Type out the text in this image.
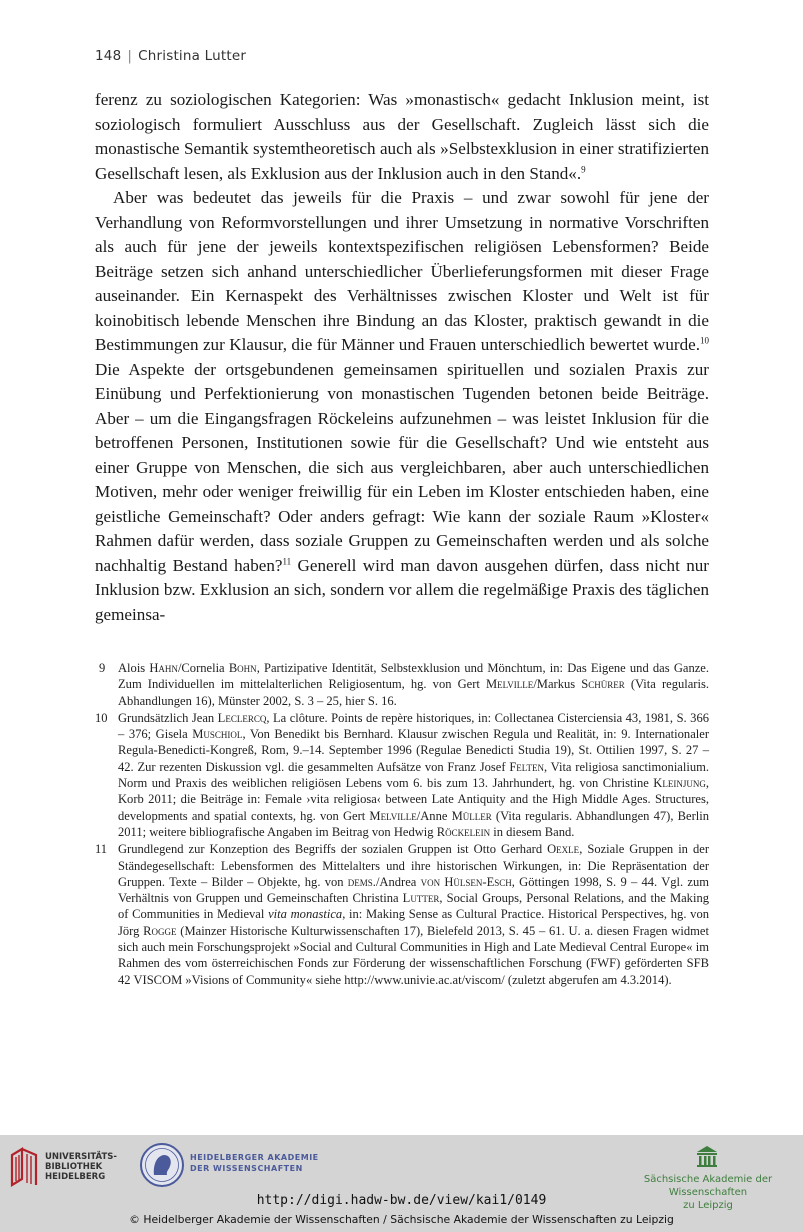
148 | Christina Lutter

ferenz zu soziologischen Kategorien: Was »monastisch« gedacht Inklusion meint, ist soziologisch formuliert Ausschluss aus der Gesellschaft. Zugleich lässt sich die monastische Semantik systemtheoretisch auch als »Selbstexklusion in einer stratifizierten Gesellschaft lesen, als Exklusion aus der Inklusion auch in den Stand«.$^9$

Aber was bedeutet das jeweils für die Praxis – und zwar sowohl für jene der Verhandlung von Reformvorstellungen und ihrer Umsetzung in normative Vorschriften als auch für jene der jeweils kontextspezifischen religiösen Lebensformen? Beide Beiträge setzen sich anhand unterschiedlicher Überlieferungsformen mit dieser Frage auseinander. Ein Kernaspekt des Verhältnisses zwischen Kloster und Welt ist für koinobitisch lebende Menschen ihre Bindung an das Kloster, praktisch gewandt in die Bestimmungen zur Klausur, die für Männer und Frauen unterschiedlich bewertet wurde.$^{10}$ Die Aspekte der ortsgebundenen gemeinsamen spirituellen und sozialen Praxis zur Einübung und Perfektionierung von monastischen Tugenden betonen beide Beiträge. Aber – um die Eingangsfragen Röckeleins aufzunehmen – was leistet Inklusion für die betroffenen Personen, Institutionen sowie für die Gesellschaft? Und wie entsteht aus einer Gruppe von Menschen, die sich aus vergleichbaren, aber auch unterschiedlichen Motiven, mehr oder weniger freiwillig für ein Leben im Kloster entschieden haben, eine geistliche Gemeinschaft? Oder anders gefragt: Wie kann der soziale Raum »Kloster« Rahmen dafür werden, dass soziale Gruppen zu Gemeinschaften werden und als solche nachhaltig Bestand haben?$^{11}$ Generell wird man davon ausgehen dürfen, dass nicht nur Inklusion bzw. Exklusion an sich, sondern vor allem die regelmäßige Praxis des täglichen gemeinsa-

9	Alois Hahn/Cornelia Bohn, Partizipative Identität, Selbstexklusion und Mönchtum, in: Das Eigene und das Ganze. Zum Individuellen im mittelalterlichen Religiosentum, hg. von Gert Melville/Markus Schürer (Vita regularis. Abhandlungen 16), Münster 2002, S. 3 – 25, hier S. 16.
10 Grundsätzlich Jean Leclercq, La clôture. Points de repère historiques, in: Collectanea Cisterciensia 43, 1981, S. 366 – 376; Gisela Muschiol, Von Benedikt bis Bernhard. Klausur zwischen Regula und Realität, in: 9. Internationaler Regula-Benedicti-Kongreß, Rom, 9.–14. September 1996 (Regulae Benedicti Studia 19), St. Ottilien 1997, S. 27 – 42. Zur rezenten Diskussion vgl. die gesammelten Aufsätze von Franz Josef Felten, Vita religiosa sanctimonialium. Norm und Praxis des weiblichen religiösen Lebens vom 6. bis zum 13. Jahrhundert, hg. von Christine Kleinjung, Korb 2011; die Beiträge in: Female ›vita religiosa‹ between Late Antiquity and the High Middle Ages. Structures, developments and spatial contexts, hg. von Gert Melville/Anne Müller (Vita regularis. Abhandlungen 47), Berlin 2011; weitere bibliografische Angaben im Beitrag von Hedwig Röckelein in diesem Band.
11 Grundlegend zur Konzeption des Begriffs der sozialen Gruppen ist Otto Gerhard Oexle, Soziale Gruppen in der Ständegesellschaft: Lebensformen des Mittelalters und ihre historischen Wirkungen, in: Die Repräsentation der Gruppen. Texte – Bilder – Objekte, hg. von dems./Andrea von Hülsen-Esch, Göttingen 1998, S. 9 – 44. Vgl. zum Verhältnis von Gruppen und Gemeinschaften Christina Lutter, Social Groups, Personal Relations, and the Making of Communities in Medieval vita monastica, in: Making Sense as Cultural Practice. Historical Perspectives, hg. von Jörg Rogge (Mainzer Historische Kulturwissenschaften 17), Bielefeld 2013, S. 45 – 61. U. a. diesen Fragen widmet sich auch mein Forschungsprojekt »Social and Cultural Communities in High and Late Medieval Central Europe« im Rahmen des vom österreichischen Fonds zur Förderung der wissenschaftlichen Forschung (FWF) geförderten SFB 42 VISCOM »Visions of Community« siehe http://www.univie.ac.at/viscom/ (zuletzt abgerufen am 4.3.2014).
UNIVERSITÄTS-
BIBLIOTHEK
HEIDELBERG
HEIDELBERGER AKADEMIE
DER WISSENSCHAFTEN
Sächsische Akademie der Wissenschaften
zu Leipzig
http://digi.hadw-bw.de/view/kai1/0149
© Heidelberger Akademie der Wissenschaften / Sächsische Akademie der Wissenschaften zu Leipzig
